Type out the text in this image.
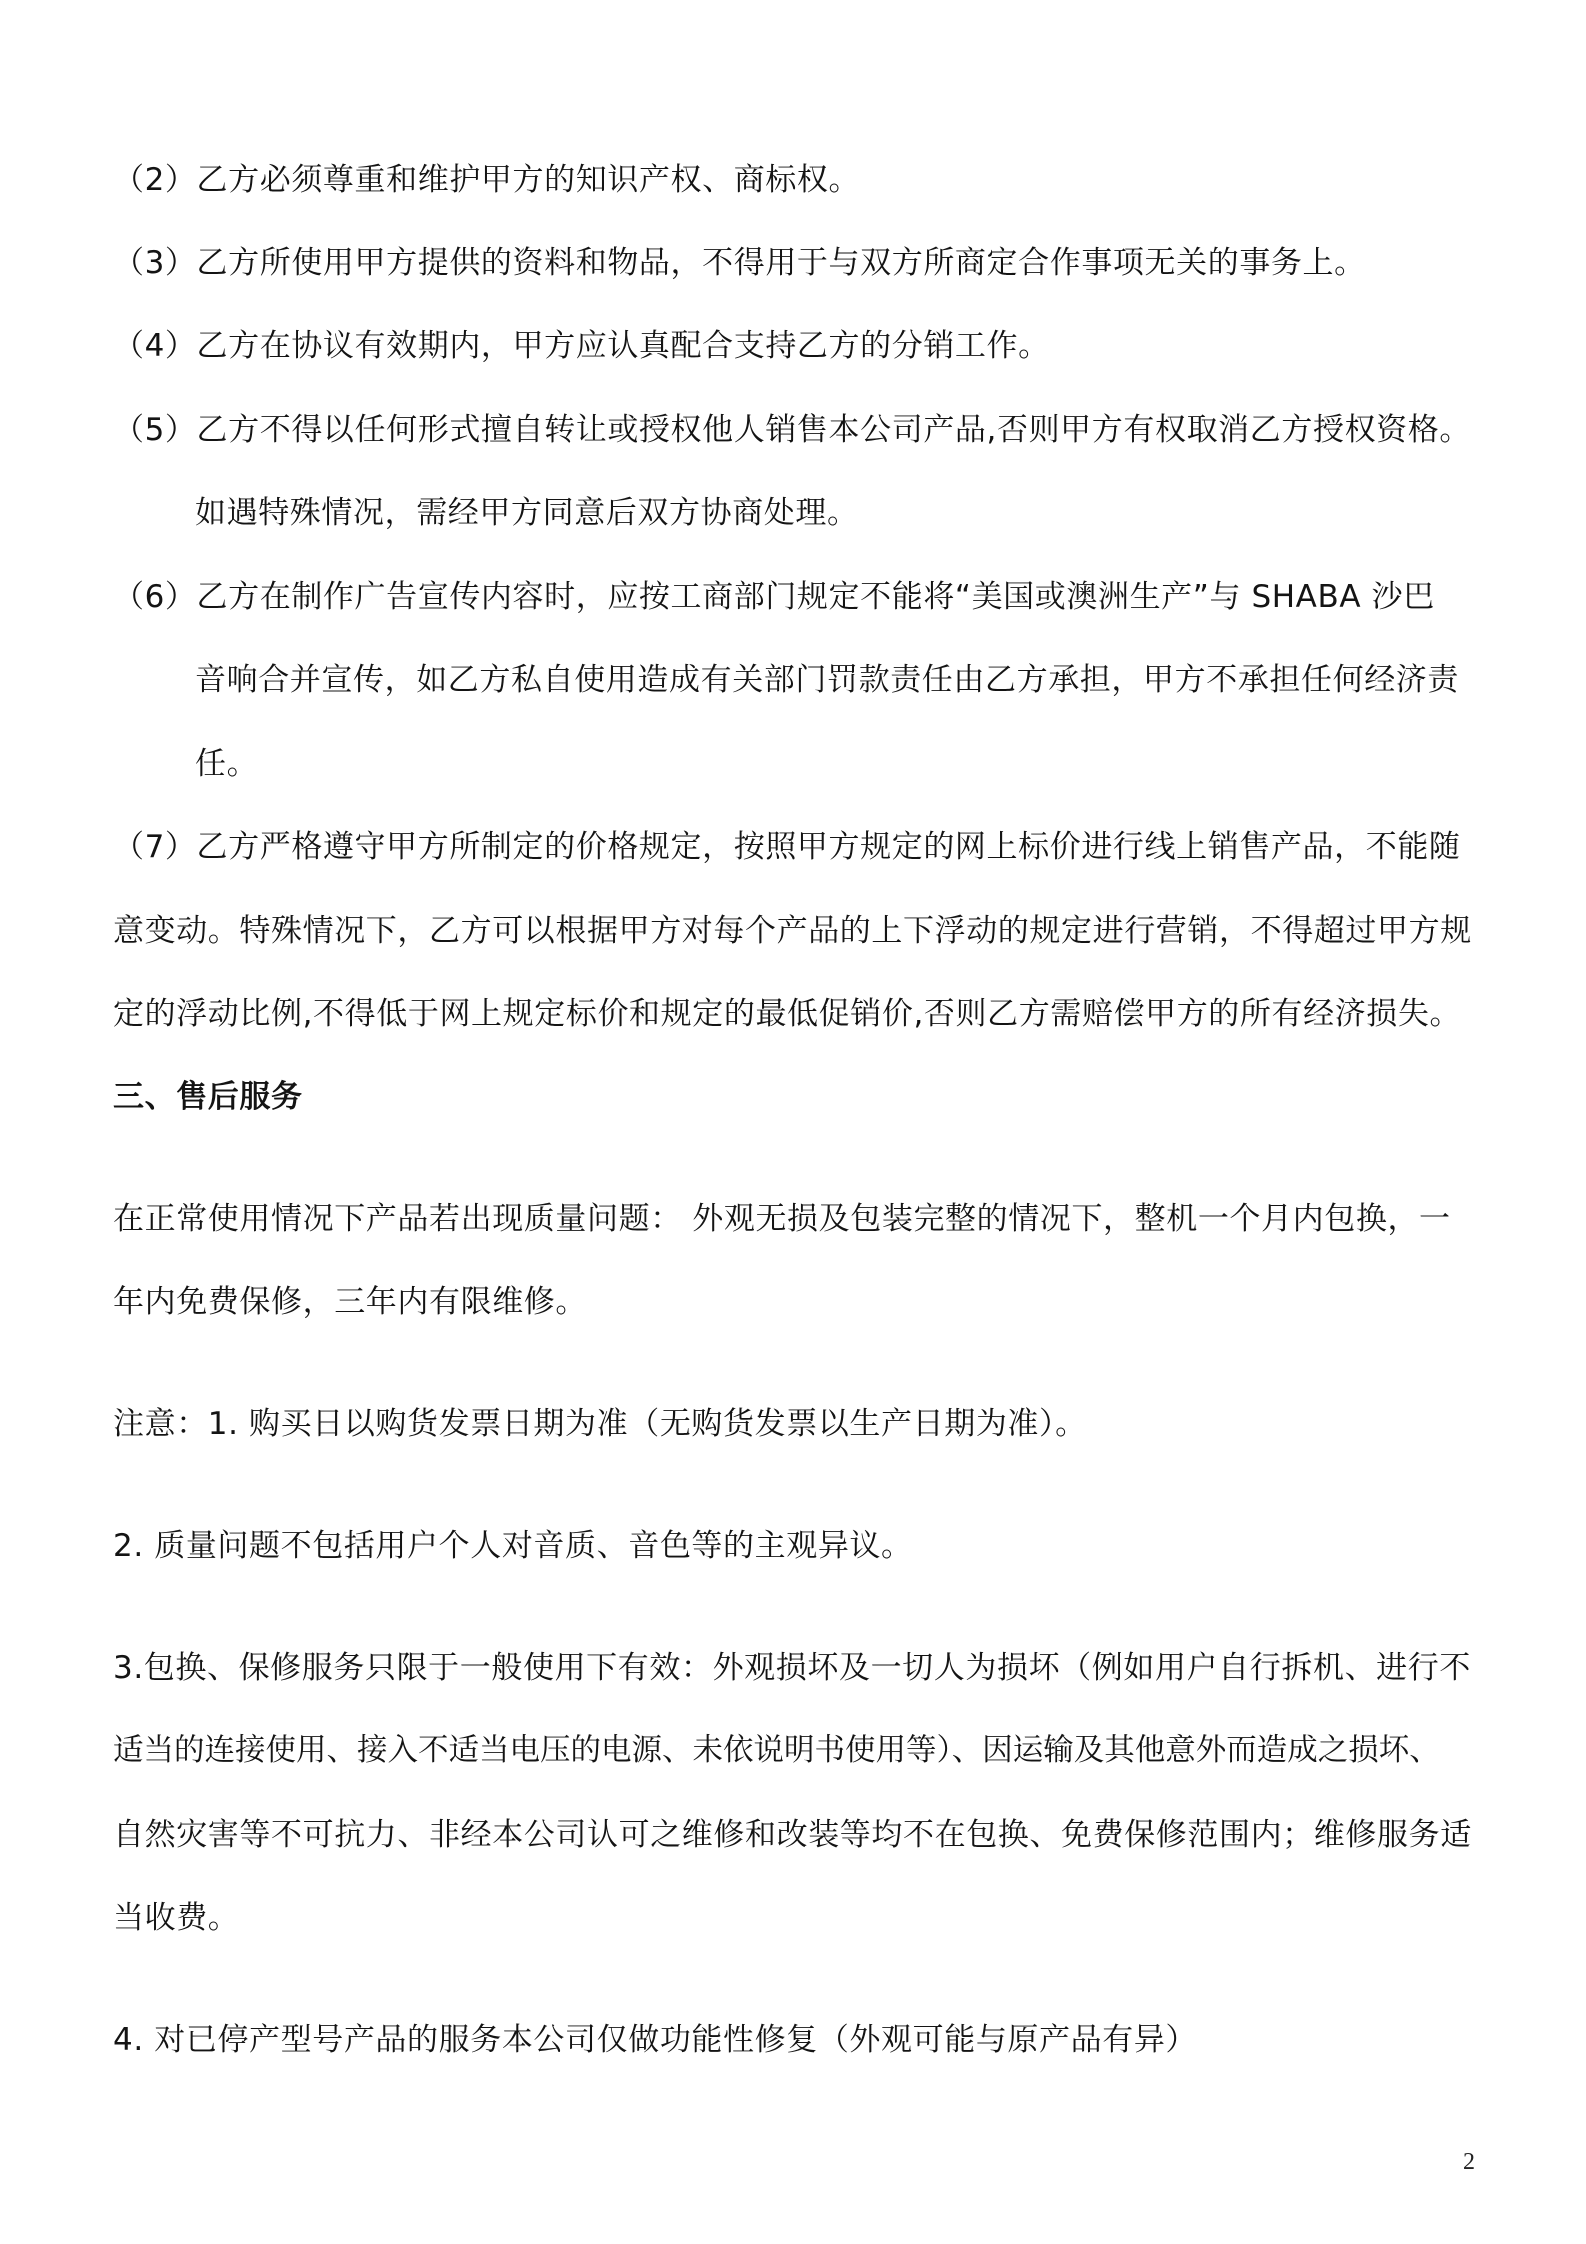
（2）乙方必须尊重和维护甲方的知识产权、商标权。
（3）乙方所使用甲方提供的资料和物品，不得用于与双方所商定合作事项无关的事务上。
（4）乙方在协议有效期内，甲方应认真配合支持乙方的分销工作。
（5）乙方不得以任何形式擅自转让或授权他人销售本公司产品,否则甲方有权取消乙方授权资格。
如遇特殊情况，需经甲方同意后双方协商处理。
（6）乙方在制作广告宣传内容时，应按工商部门规定不能将“美国或澳洲生产”与 SHABA 沙巴
音响合并宣传，如乙方私自使用造成有关部门罚款责任由乙方承担，甲方不承担任何经济责
任。
（7）乙方严格遵守甲方所制定的价格规定，按照甲方规定的网上标价进行线上销售产品，不能随
意变动。特殊情况下，乙方可以根据甲方对每个产品的上下浮动的规定进行营销，不得超过甲方规
定的浮动比例,不得低于网上规定标价和规定的最低促销价,否则乙方需赔偿甲方的所有经济损失。
三、售后服务
在正常使用情况下产品若出现质量问题： 外观无损及包装完整的情况下，整机一个月内包换，一
年内免费保修，三年内有限维修。
注意：1. 购买日以购货发票日期为准（无购货发票以生产日期为准）。
2. 质量问题不包括用户个人对音质、音色等的主观异议。
3.包换、保修服务只限于一般使用下有效：外观损坏及一切人为损坏（例如用户自行拆机、进行不
适当的连接使用、接入不适当电压的电源、未依说明书使用等）、因运输及其他意外而造成之损坏、
自然灾害等不可抗力、非经本公司认可之维修和改装等均不在包换、免费保修范围内；维修服务适
当收费。
4. 对已停产型号产品的服务本公司仅做功能性修复（外观可能与原产品有异）
2
